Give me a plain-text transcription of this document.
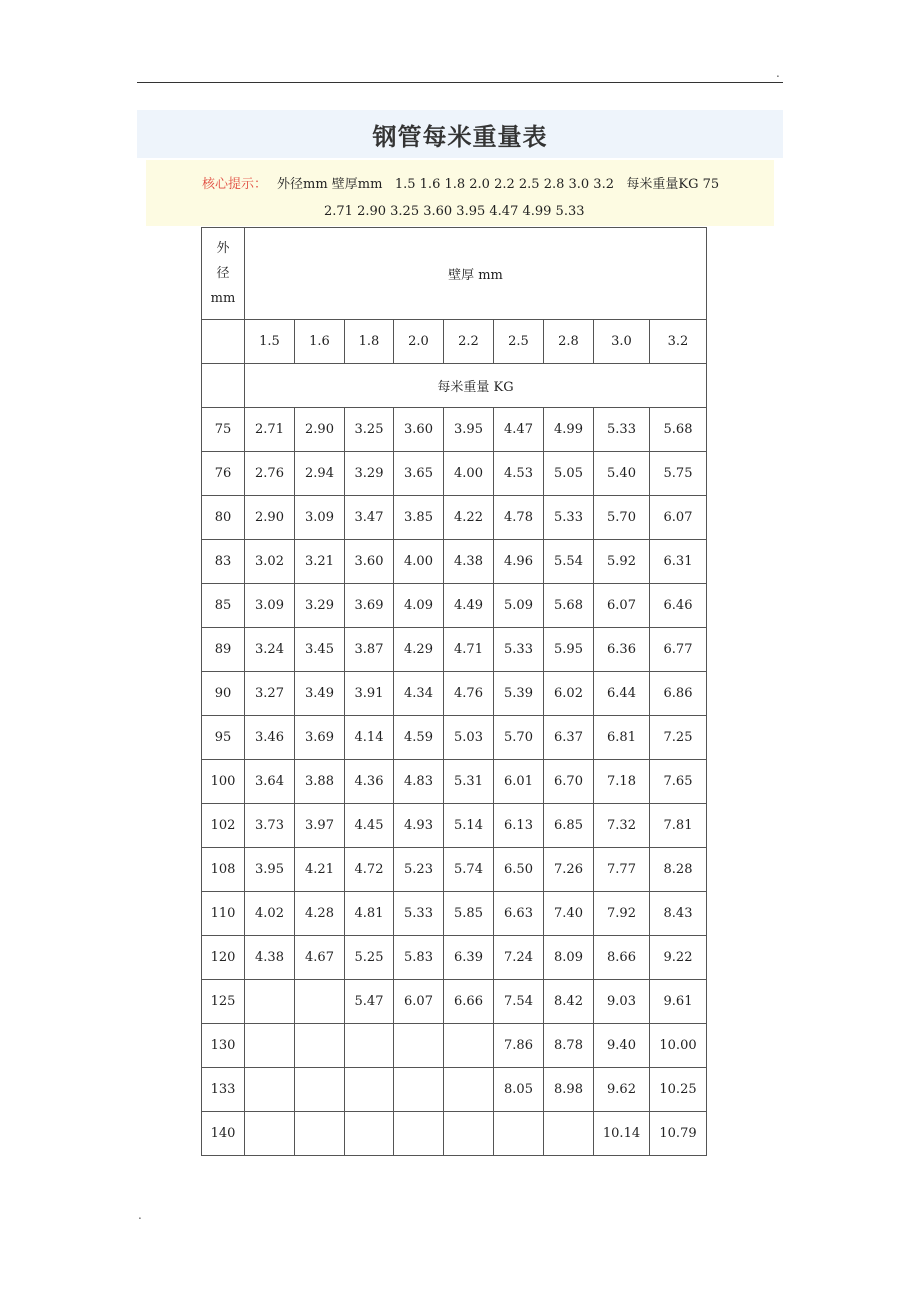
.
钢管每米重量表
核心提示： 外径mm 壁厚mm   1.5 1.6 1.8 2.0 2.2 2.5 2.8 3.0 3.2   每米重量KG 75
2.71 2.90 3.25 3.60 3.95 4.47 4.99 5.33
外
径
mm	壁厚 mm								
	1.5	1.6	1.8	2.0	2.2	2.5	2.8	3.0	3.2
	每米重量 KG								
75	2.71	2.90	3.25	3.60	3.95	4.47	4.99	5.33	5.68
76	2.76	2.94	3.29	3.65	4.00	4.53	5.05	5.40	5.75
80	2.90	3.09	3.47	3.85	4.22	4.78	5.33	5.70	6.07
83	3.02	3.21	3.60	4.00	4.38	4.96	5.54	5.92	6.31
85	3.09	3.29	3.69	4.09	4.49	5.09	5.68	6.07	6.46
89	3.24	3.45	3.87	4.29	4.71	5.33	5.95	6.36	6.77
90	3.27	3.49	3.91	4.34	4.76	5.39	6.02	6.44	6.86
95	3.46	3.69	4.14	4.59	5.03	5.70	6.37	6.81	7.25
100	3.64	3.88	4.36	4.83	5.31	6.01	6.70	7.18	7.65
102	3.73	3.97	4.45	4.93	5.14	6.13	6.85	7.32	7.81
108	3.95	4.21	4.72	5.23	5.74	6.50	7.26	7.77	8.28
110	4.02	4.28	4.81	5.33	5.85	6.63	7.40	7.92	8.43
120	4.38	4.67	5.25	5.83	6.39	7.24	8.09	8.66	9.22
125			5.47	6.07	6.66	7.54	8.42	9.03	9.61
130						7.86	8.78	9.40	10.00
133						8.05	8.98	9.62	10.25
140								10.14	10.79
.
